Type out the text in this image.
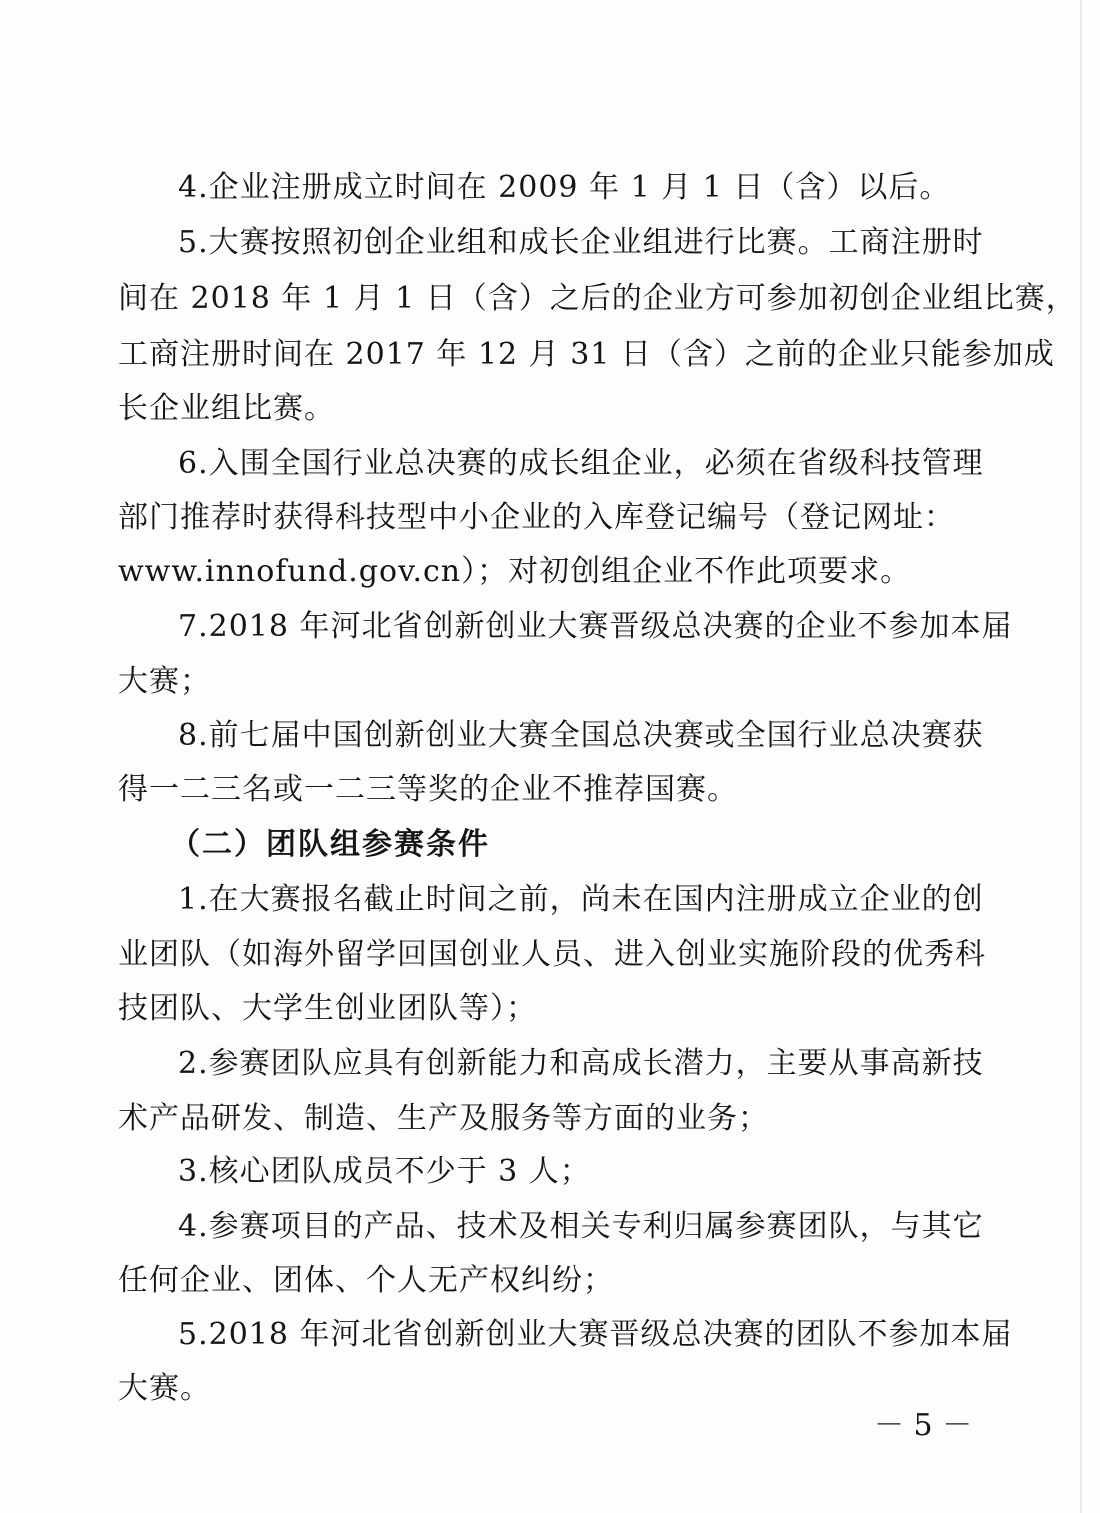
4.企业注册成立时间在 2009 年 1 月 1 日（含）以后。
5.大赛按照初创企业组和成长企业组进行比赛。工商注册时
间在 2018 年 1 月 1 日（含）之后的企业方可参加初创企业组比赛，
工商注册时间在 2017 年 12 月 31 日（含）之前的企业只能参加成
长企业组比赛。
6.入围全国行业总决赛的成长组企业，必须在省级科技管理
部门推荐时获得科技型中小企业的入库登记编号（登记网址：
www.innofund.gov.cn）；对初创组企业不作此项要求。
7.2018 年河北省创新创业大赛晋级总决赛的企业不参加本届
大赛；
8.前七届中国创新创业大赛全国总决赛或全国行业总决赛获
得一二三名或一二三等奖的企业不推荐国赛。
（二）团队组参赛条件
1.在大赛报名截止时间之前，尚未在国内注册成立企业的创
业团队（如海外留学回国创业人员、进入创业实施阶段的优秀科
技团队、大学生创业团队等）；
2.参赛团队应具有创新能力和高成长潜力，主要从事高新技
术产品研发、制造、生产及服务等方面的业务；
3.核心团队成员不少于 3 人；
4.参赛项目的产品、技术及相关专利归属参赛团队，与其它
任何企业、团体、个人无产权纠纷；
5.2018 年河北省创新创业大赛晋级总决赛的团队不参加本届
大赛。
－ 5 －
